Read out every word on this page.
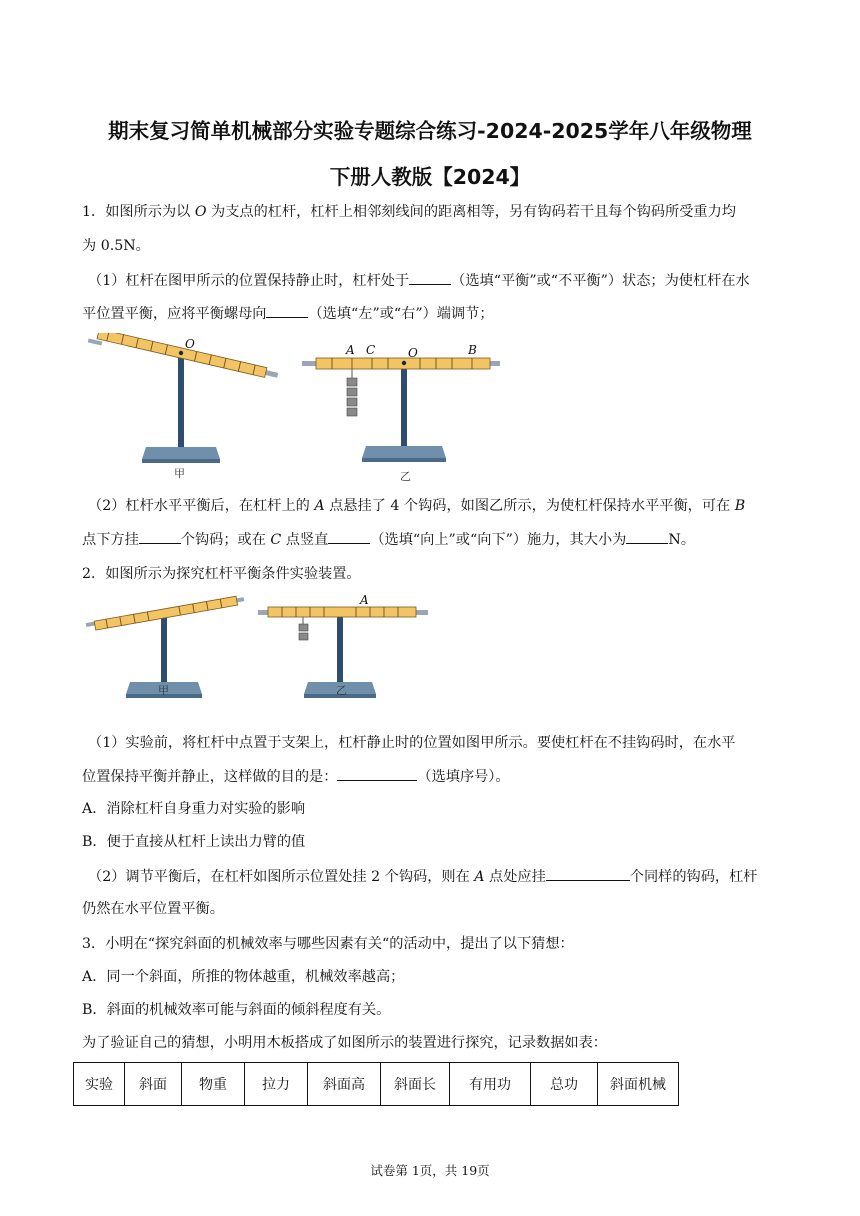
期末复习简单机械部分实验专题综合练习-2024-2025学年八年级物理
下册人教版【2024】
1．如图所示为以 O 为支点的杠杆，杠杆上相邻刻线间的距离相等，另有钩码若干且每个钩码所受重力均
为 0.5N。
（1）杠杆在图甲所示的位置保持静止时，杠杆处于	（选填“平衡”或“不平衡”）状态；为使杠杆在水
平位置平衡，应将平衡螺母向	（选填“左”或“右”）端调节；
O
甲
A C	O	B
乙
（2）杠杆水平平衡后，在杠杆上的 A 点悬挂了 4 个钩码，如图乙所示，为使杠杆保持水平平衡，可在 B
点下方挂	个钩码；或在 C 点竖直	（选填“向上”或“向下”）施力，其大小为	N。
2．如图所示为探究杠杆平衡条件实验装置。
甲
A
乙
（1）实验前，将杠杆中点置于支架上，杠杆静止时的位置如图甲所示。要使杠杆在不挂钩码时，在水平
位置保持平衡并静止，这样做的目的是：	（选填序号）。
A．消除杠杆自身重力对实验的影响
B．便于直接从杠杆上读出力臂的值
（2）调节平衡后，在杠杆如图所示位置处挂 2 个钩码，则在 A 点处应挂	个同样的钩码，杠杆
仍然在水平位置平衡。
3．小明在“探究斜面的机械效率与哪些因素有关“的活动中，提出了以下猜想：
A．同一个斜面，所推的物体越重，机械效率越高；
B．斜面的机械效率可能与斜面的倾斜程度有关。
为了验证自己的猜想，小明用木板搭成了如图所示的装置进行探究，记录数据如表：
实验	斜面	物重	拉力	斜面高	斜面长	有用功	总功	斜面机械
试卷第 1页，共 19页
